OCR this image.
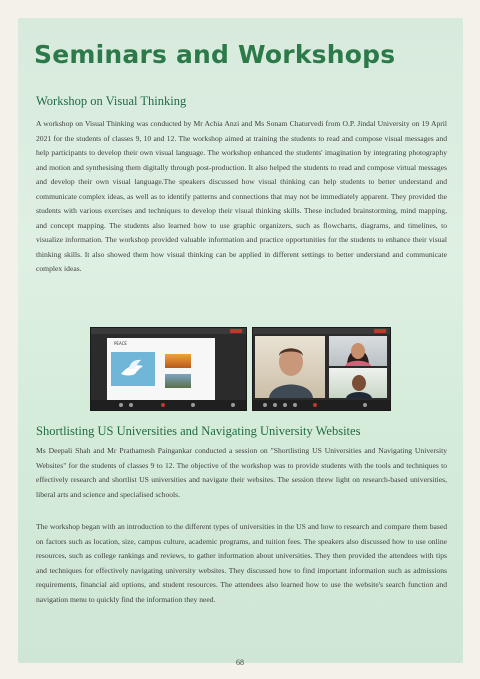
Seminars and Workshops
Workshop on Visual Thinking
A workshop on Visual Thinking was conducted by Mr Achia Anzi and Ms Sonam Chaturvedi from O.P. Jindal University on 19 April 2021 for the students of classes 9, 10 and 12. The workshop aimed at training the students to read and compose visual messages and help participants to develop their own visual language. The workshop enhanced the students' imagination by integrating photography and motion and synthesising them digitally through post-production. It also helped the students to read and compose virtual messages and develop their own visual language.The speakers discussed how visual thinking can help students to better understand and communicate complex ideas, as well as to identify patterns and connections that may not be immediately apparent. They provided the students with various exercises and techniques to develop their visual thinking skills. These included brainstorming, mind mapping, and concept mapping. The students also learned how to use graphic organizers, such as flowcharts, diagrams, and timelines, to visualize information. The workshop provided valuable information and practice opportunities for the students to enhance their visual thinking skills. It also showed them how visual thinking can be applied in different settings to better understand and communicate complex ideas.
PEACE
Shortlisting US Universities and Navigating University Websites
Ms Deepali Shah and Mr Prathamesh Paingankar conducted a session on "Shortlisting US Universities and Navigating University Websites" for the students of classes 9 to 12. The objective of the workshop was to provide students with the tools and techniques to effectively research and shortlist US universities and navigate their websites. The session threw light on research-based universities, liberal arts and science and specialised schools.
The workshop began with an introduction to the different types of universities in the US and how to research and compare them based on factors such as location, size, campus culture, academic programs, and tuition fees. The speakers also discussed how to use online resources, such as college rankings and reviews, to gather information about universities. They then provided the attendees with tips and techniques for effectively navigating university websites. They discussed how to find important information such as admissions requirements, financial aid options, and student resources. The attendees also learned how to use the website's search function and navigation menu to quickly find the information they need.
68
